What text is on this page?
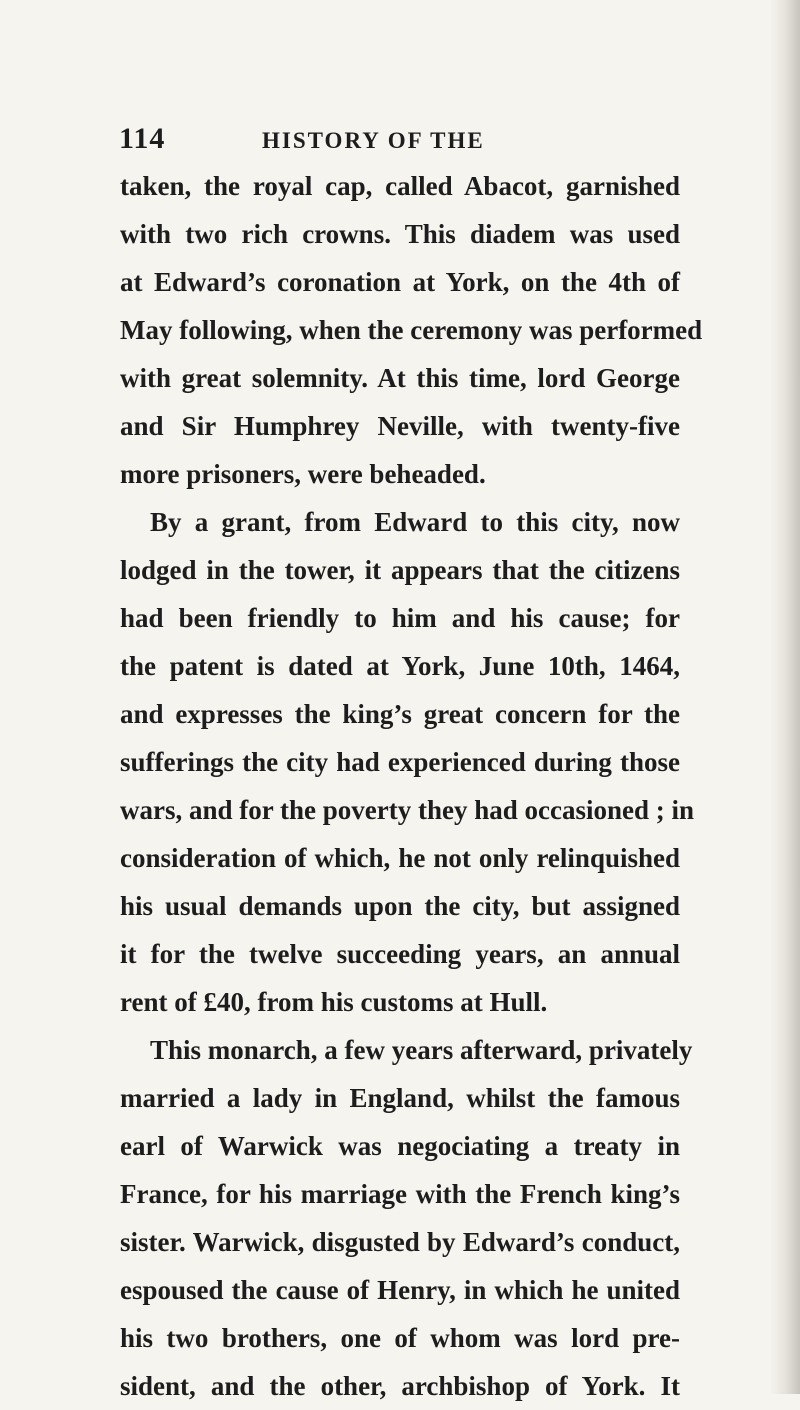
114	HISTORY OF THE
taken, the royal cap, called Abacot, garnished
with two rich crowns. This diadem was used
at Edward’s coronation at York, on the 4th of
May following, when the ceremony was performed
with great solemnity. At this time, lord George
and Sir Humphrey Neville, with twenty-five
more prisoners, were beheaded.
By a grant, from Edward to this city, now
lodged in the tower, it appears that the citizens
had been friendly to him and his cause; for
the patent is dated at York, June 10th, 1464,
and expresses the king’s great concern for the
sufferings the city had experienced during those
wars, and for the poverty they had occasioned ; in
consideration of which, he not only relinquished
his usual demands upon the city, but assigned
it for the twelve succeeding years, an annual
rent of £40, from his customs at Hull.
This monarch, a few years afterward, privately
married a lady in England, whilst the famous
earl of Warwick was negociating a treaty in
France, for his marriage with the French king’s
sister. Warwick, disgusted by Edward’s conduct,
espoused the cause of Henry, in which he united
his two brothers, one of whom was lord pre-
sident, and the other, archbishop of York. It
